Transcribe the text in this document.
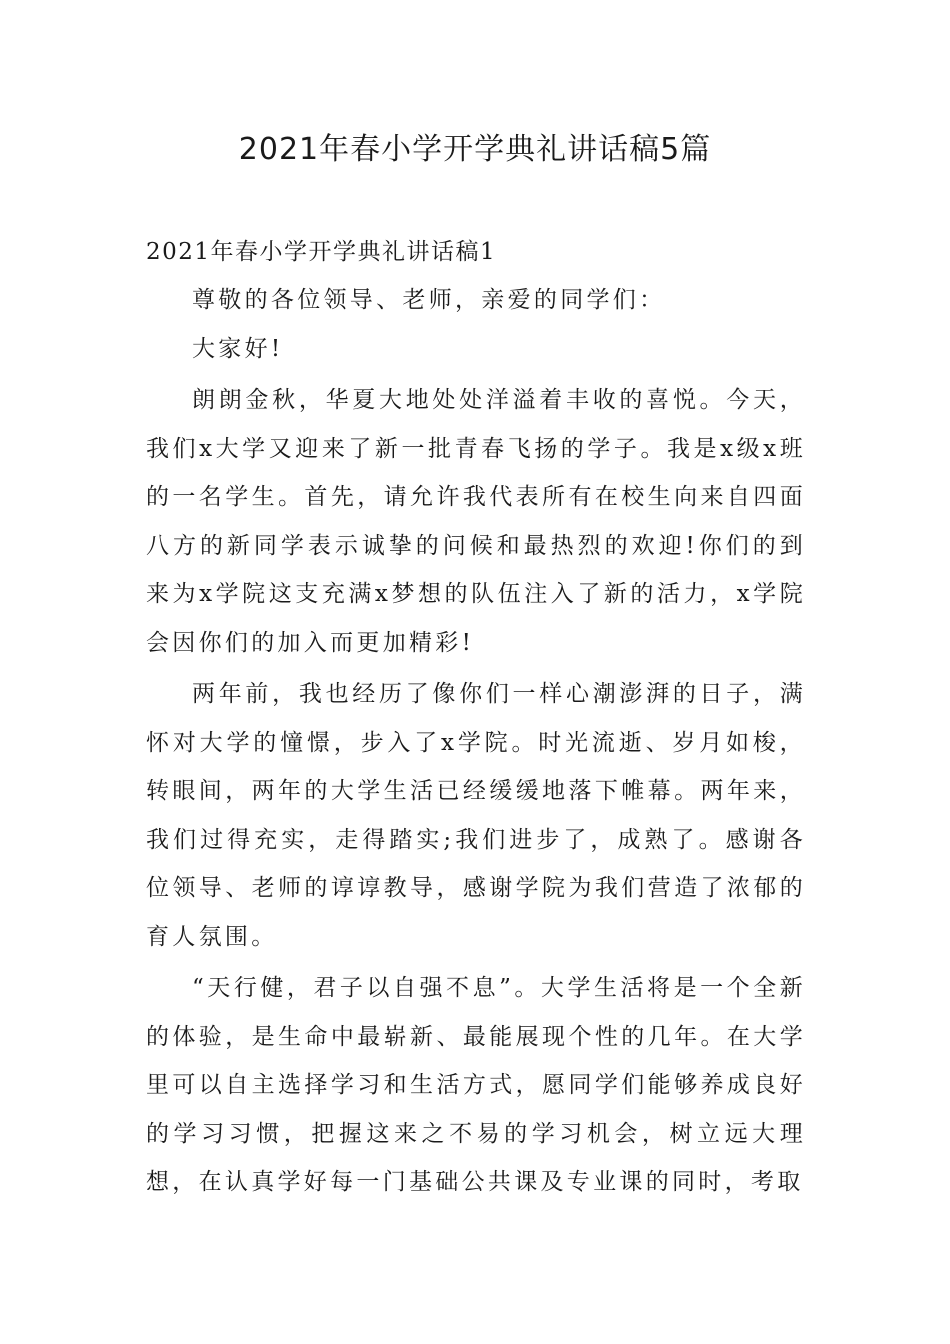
2021年春小学开学典礼讲话稿5篇
2021年春小学开学典礼讲话稿1

尊敬的各位领导、老师，亲爱的同学们：

大家好!

朗朗金秋，华夏大地处处洋溢着丰收的喜悦。今天，我们x大学又迎来了新一批青春飞扬的学子。我是x级x班的一名学生。首先，请允许我代表所有在校生向来自四面八方的新同学表示诚挚的问候和最热烈的欢迎!你们的到来为x学院这支充满x梦想的队伍注入了新的活力，x学院会因你们的加入而更加精彩!

两年前，我也经历了像你们一样心潮澎湃的日子，满怀对大学的憧憬，步入了x学院。时光流逝、岁月如梭，转眼间，两年的大学生活已经缓缓地落下帷幕。两年来，我们过得充实，走得踏实;我们进步了，成熟了。感谢各位领导、老师的谆谆教导，感谢学院为我们营造了浓郁的育人氛围。

“天行健，君子以自强不息”。大学生活将是一个全新的体验，是生命中最崭新、最能展现个性的几年。在大学里可以自主选择学习和生活方式，愿同学们能够养成良好的学习习惯，把握这来之不易的学习机会，树立远大理想，在认真学好每一门基础公共课及专业课的同时，考取
